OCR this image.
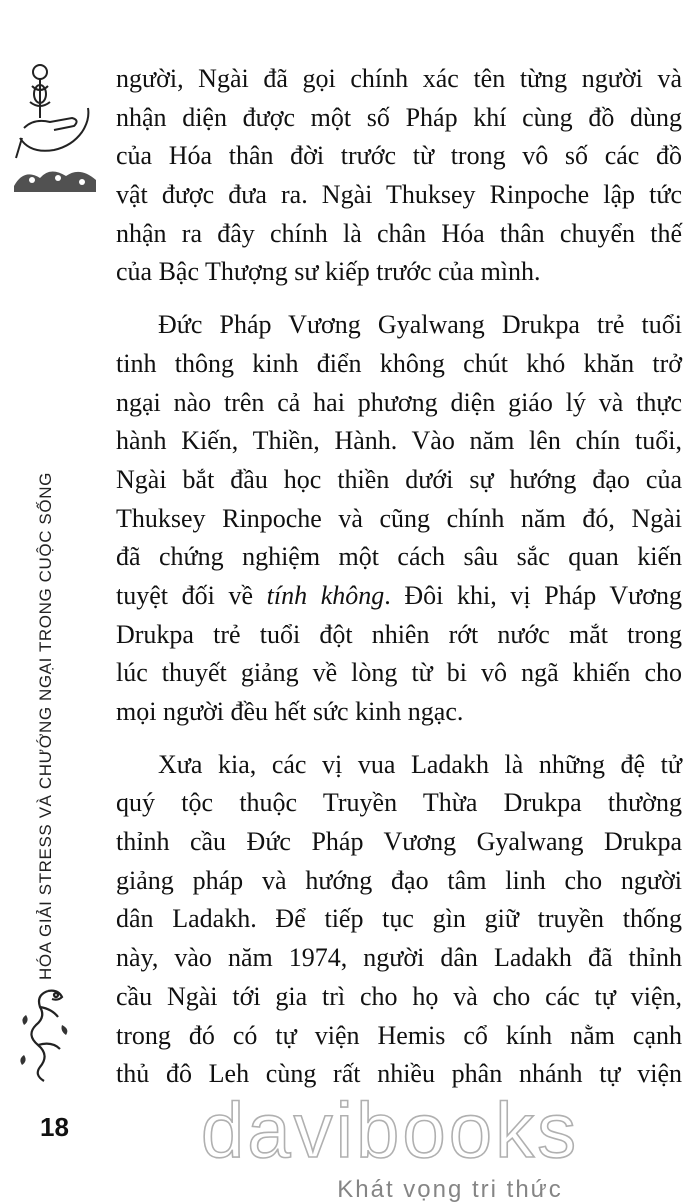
HÓA GIẢI STRESS VÀ CHƯỚNG NGẠI TRONG CUỘC SỐNG
18
người, Ngài đã gọi chính xác tên từng người và
nhận diện được một số Pháp khí cùng đồ dùng
của Hóa thân đời trước từ trong vô số các đồ
vật được đưa ra. Ngài Thuksey Rinpoche lập tức
nhận ra đây chính là chân Hóa thân chuyển thế
của Bậc Thượng sư kiếp trước của mình.
Đức Pháp Vương Gyalwang Drukpa trẻ tuổi
tinh thông kinh điển không chút khó khăn trở
ngại nào trên cả hai phương diện giáo lý và thực
hành Kiến, Thiền, Hành. Vào năm lên chín tuổi,
Ngài bắt đầu học thiền dưới sự hướng đạo của
Thuksey Rinpoche và cũng chính năm đó, Ngài
đã chứng nghiệm một cách sâu sắc quan kiến
tuyệt đối về tính không. Đôi khi, vị Pháp Vương
Drukpa trẻ tuổi đột nhiên rớt nước mắt trong
lúc thuyết giảng về lòng từ bi vô ngã khiến cho
mọi người đều hết sức kinh ngạc.
Xưa kia, các vị vua Ladakh là những đệ tử
quý tộc thuộc Truyền Thừa Drukpa thường
thỉnh cầu Đức Pháp Vương Gyalwang Drukpa
giảng pháp và hướng đạo tâm linh cho người
dân Ladakh. Để tiếp tục gìn giữ truyền thống
này, vào năm 1974, người dân Ladakh đã thỉnh
cầu Ngài tới gia trì cho họ và cho các tự viện,
trong đó có tự viện Hemis cổ kính nằm cạnh
thủ đô Leh cùng rất nhiều phân nhánh tự viện
davibooks
Khát vọng tri thức
